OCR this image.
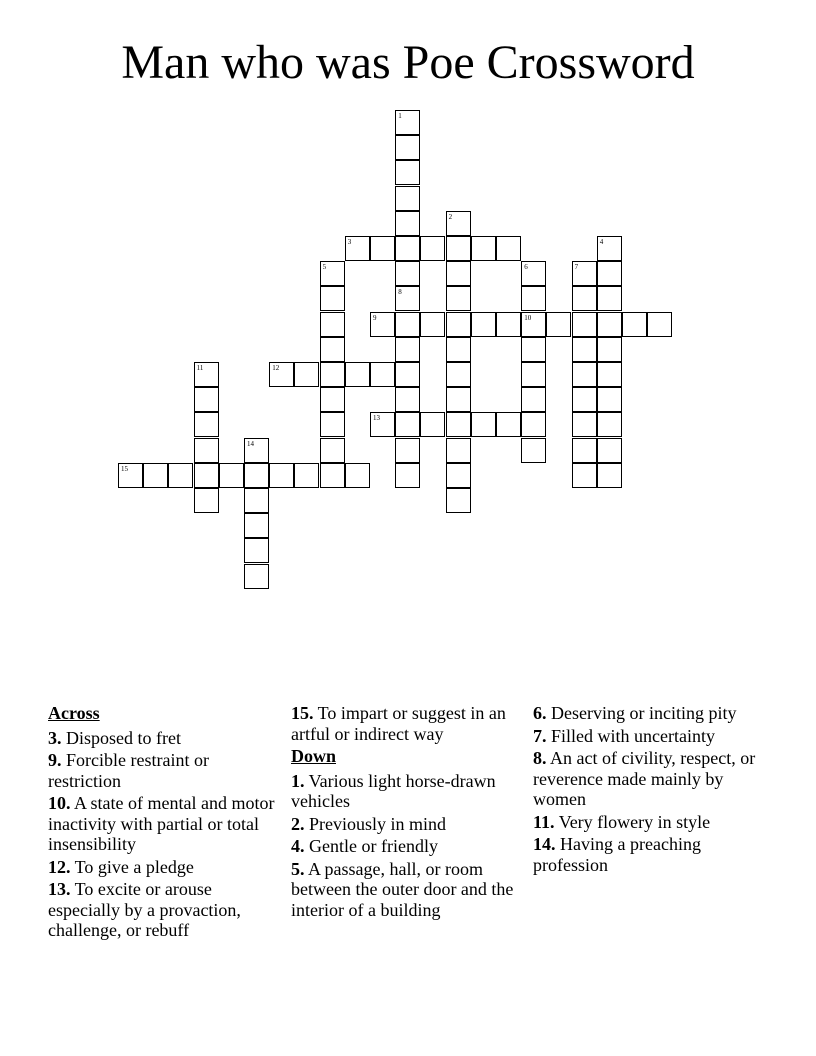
Man who was Poe Crossword
1
8
2
3	4
5	6
10
7
9
11	12
13
14
15
Across
3. Disposed to fret
9. Forcible restraint or restriction
10. A state of mental and motor inactivity with partial or total insensibility
12. To give a pledge
13. To excite or arouse especially by a provaction, challenge, or rebuff
15. To impart or suggest in an artful or indirect way
Down
1. Various light horse-drawn vehicles
2. Previously in mind
4. Gentle or friendly
5. A passage, hall, or room between the outer door and the interior of a building
6. Deserving or inciting pity
7. Filled with uncertainty
8. An act of civility, respect, or reverence made mainly by women
11. Very flowery in style
14. Having a preaching profession
